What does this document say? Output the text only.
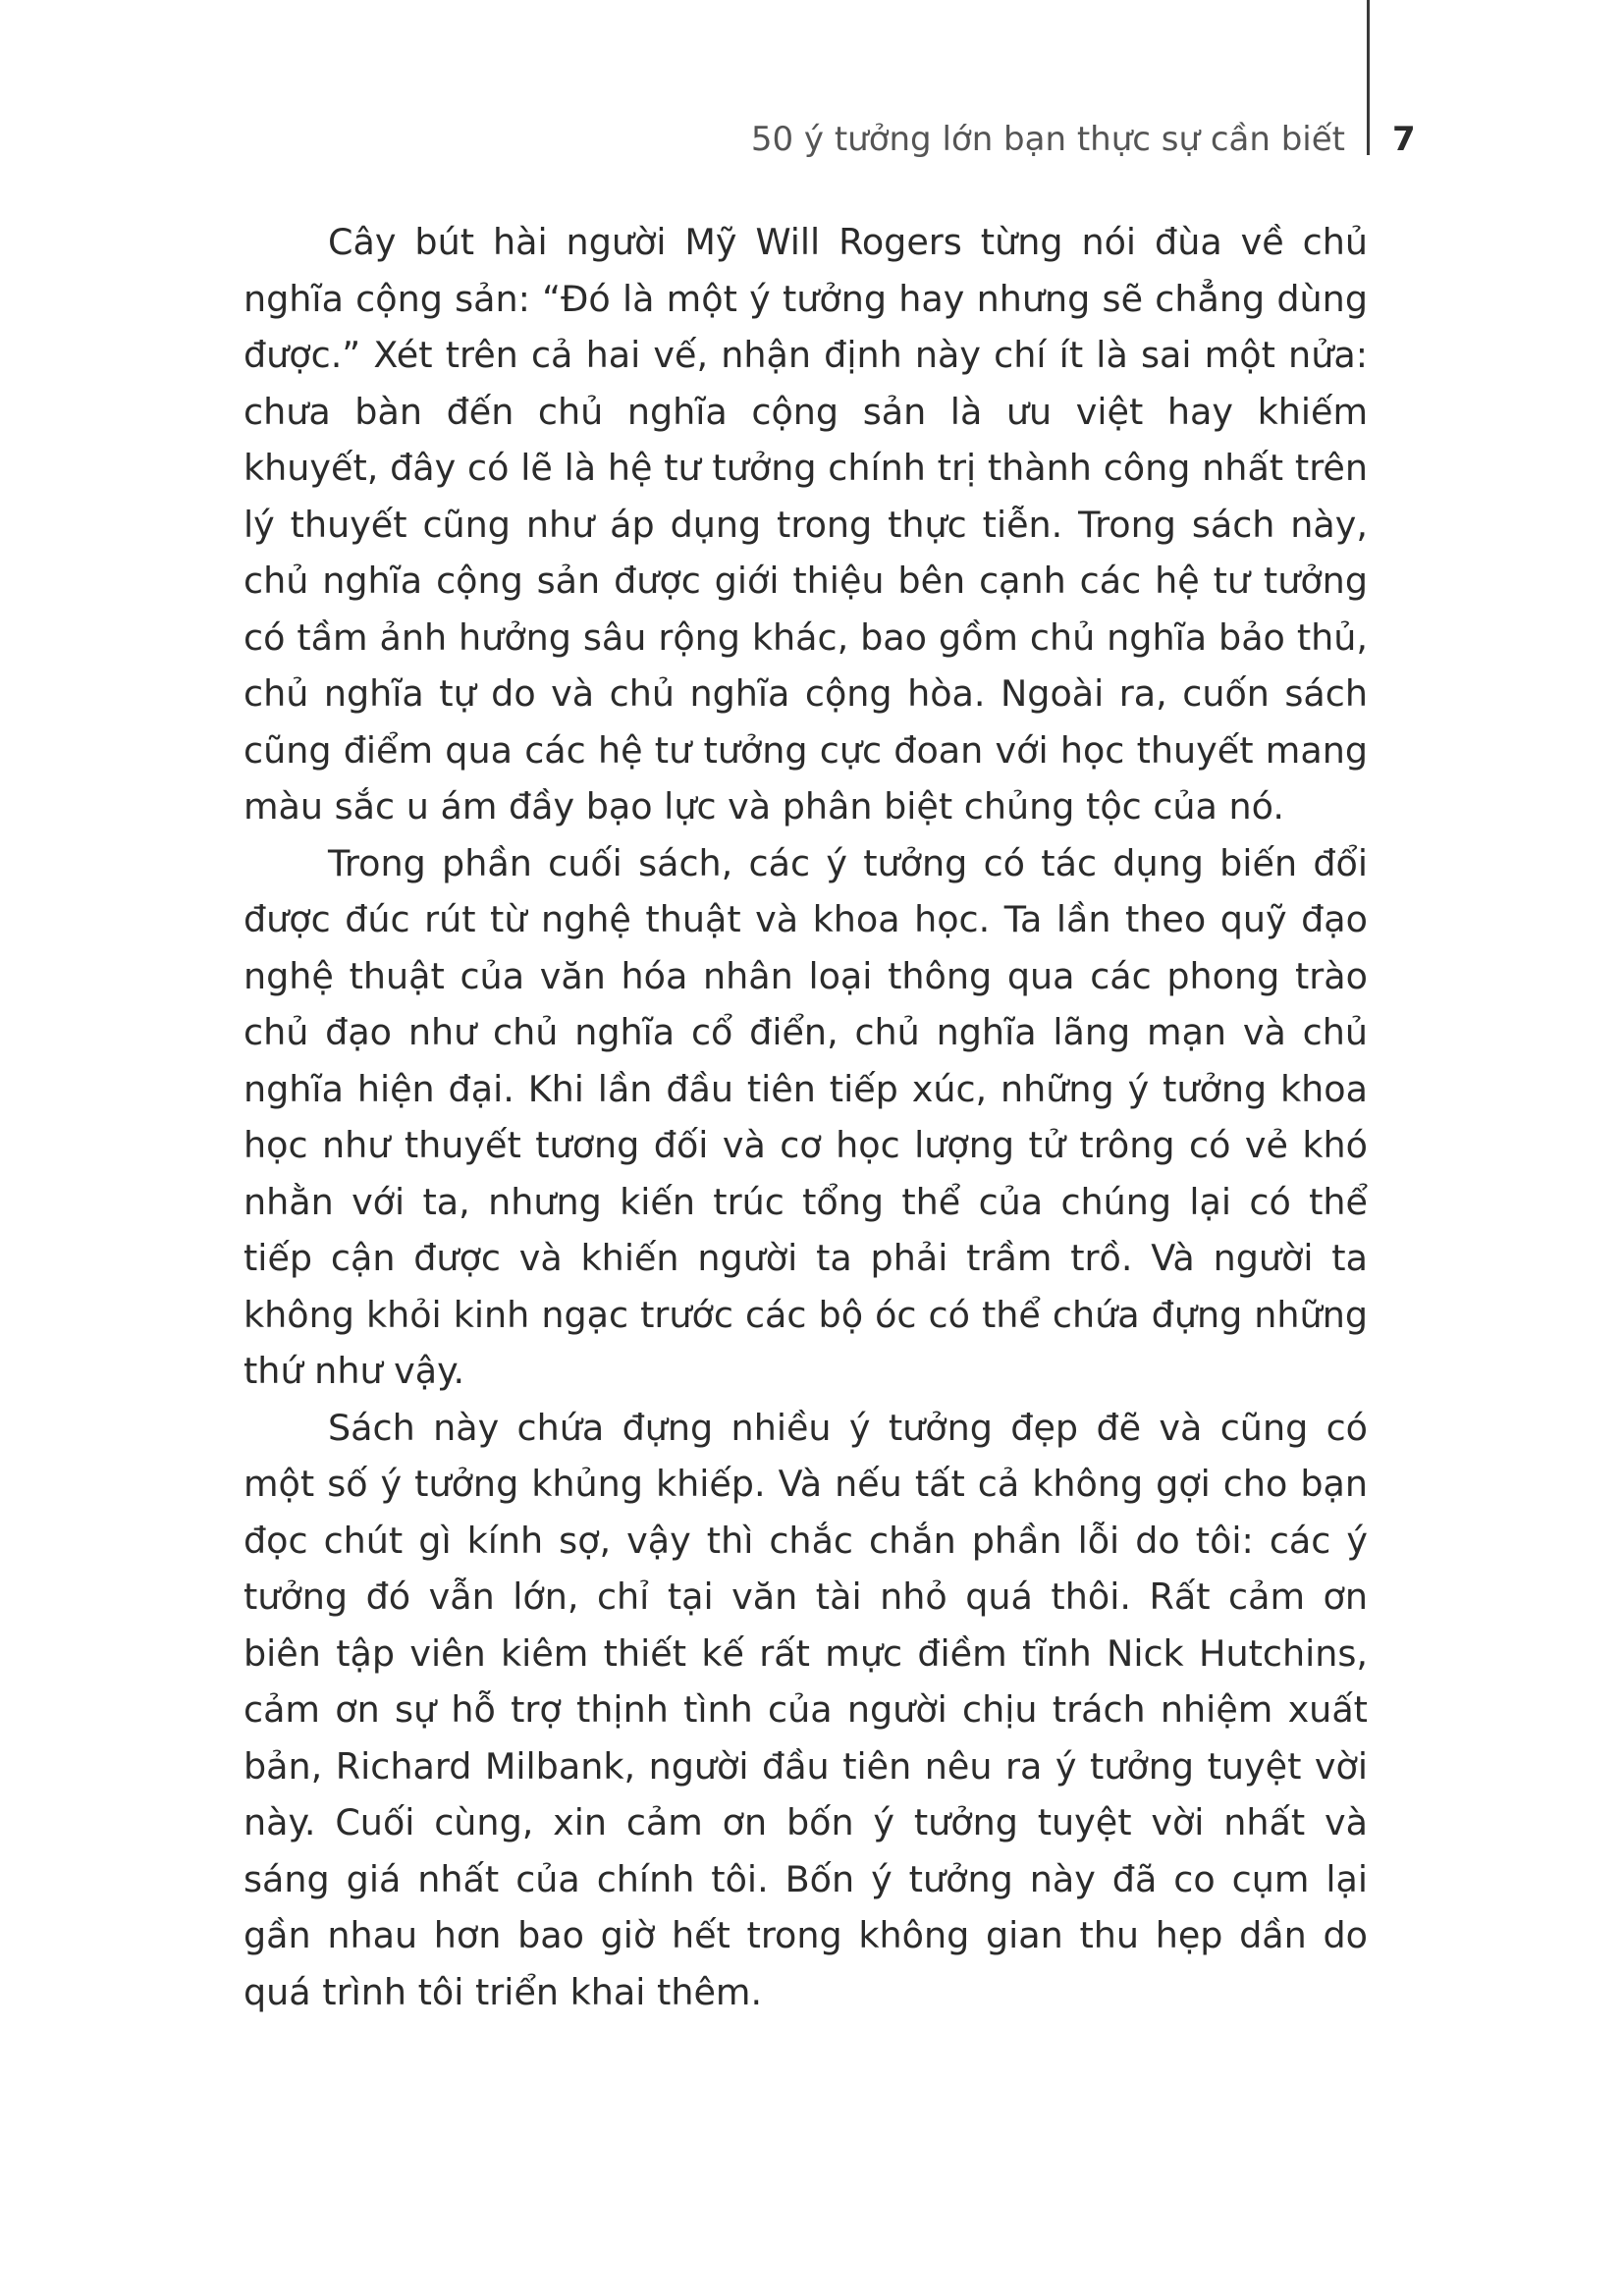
50 ý tưởng lớn bạn thực sự cần biết 7

Cây bút hài người Mỹ Will Rogers từng nói đùa về chủ nghĩa cộng sản: “Đó là một ý tưởng hay nhưng sẽ chẳng dùng được.” Xét trên cả hai vế, nhận định này chí ít là sai một nửa: chưa bàn đến chủ nghĩa cộng sản là ưu việt hay khiếm khuyết, đây có lẽ là hệ tư tưởng chính trị thành công nhất trên lý thuyết cũng như áp dụng trong thực tiễn. Trong sách này, chủ nghĩa cộng sản được giới thiệu bên cạnh các hệ tư tưởng có tầm ảnh hưởng sâu rộng khác, bao gồm chủ nghĩa bảo thủ, chủ nghĩa tự do và chủ nghĩa cộng hòa. Ngoài ra, cuốn sách cũng điểm qua các hệ tư tưởng cực đoan với học thuyết mang màu sắc u ám đầy bạo lực và phân biệt chủng tộc của nó.

Trong phần cuối sách, các ý tưởng có tác dụng biến đổi được đúc rút từ nghệ thuật và khoa học. Ta lần theo quỹ đạo nghệ thuật của văn hóa nhân loại thông qua các phong trào chủ đạo như chủ nghĩa cổ điển, chủ nghĩa lãng mạn và chủ nghĩa hiện đại. Khi lần đầu tiên tiếp xúc, những ý tưởng khoa học như thuyết tương đối và cơ học lượng tử trông có vẻ khó nhằn với ta, nhưng kiến trúc tổng thể của chúng lại có thể tiếp cận được và khiến người ta phải trầm trồ. Và người ta không khỏi kinh ngạc trước các bộ óc có thể chứa đựng những thứ như vậy.

Sách này chứa đựng nhiều ý tưởng đẹp đẽ và cũng có một số ý tưởng khủng khiếp. Và nếu tất cả không gợi cho bạn đọc chút gì kính sợ, vậy thì chắc chắn phần lỗi do tôi: các ý tưởng đó vẫn lớn, chỉ tại văn tài nhỏ quá thôi. Rất cảm ơn biên tập viên kiêm thiết kế rất mực điềm tĩnh Nick Hutchins, cảm ơn sự hỗ trợ thịnh tình của người chịu trách nhiệm xuất bản, Richard Milbank, người đầu tiên nêu ra ý tưởng tuyệt vời này. Cuối cùng, xin cảm ơn bốn ý tưởng tuyệt vời nhất và sáng giá nhất của chính tôi. Bốn ý tưởng này đã co cụm lại gần nhau hơn bao giờ hết trong không gian thu hẹp dần do quá trình tôi triển khai thêm.
